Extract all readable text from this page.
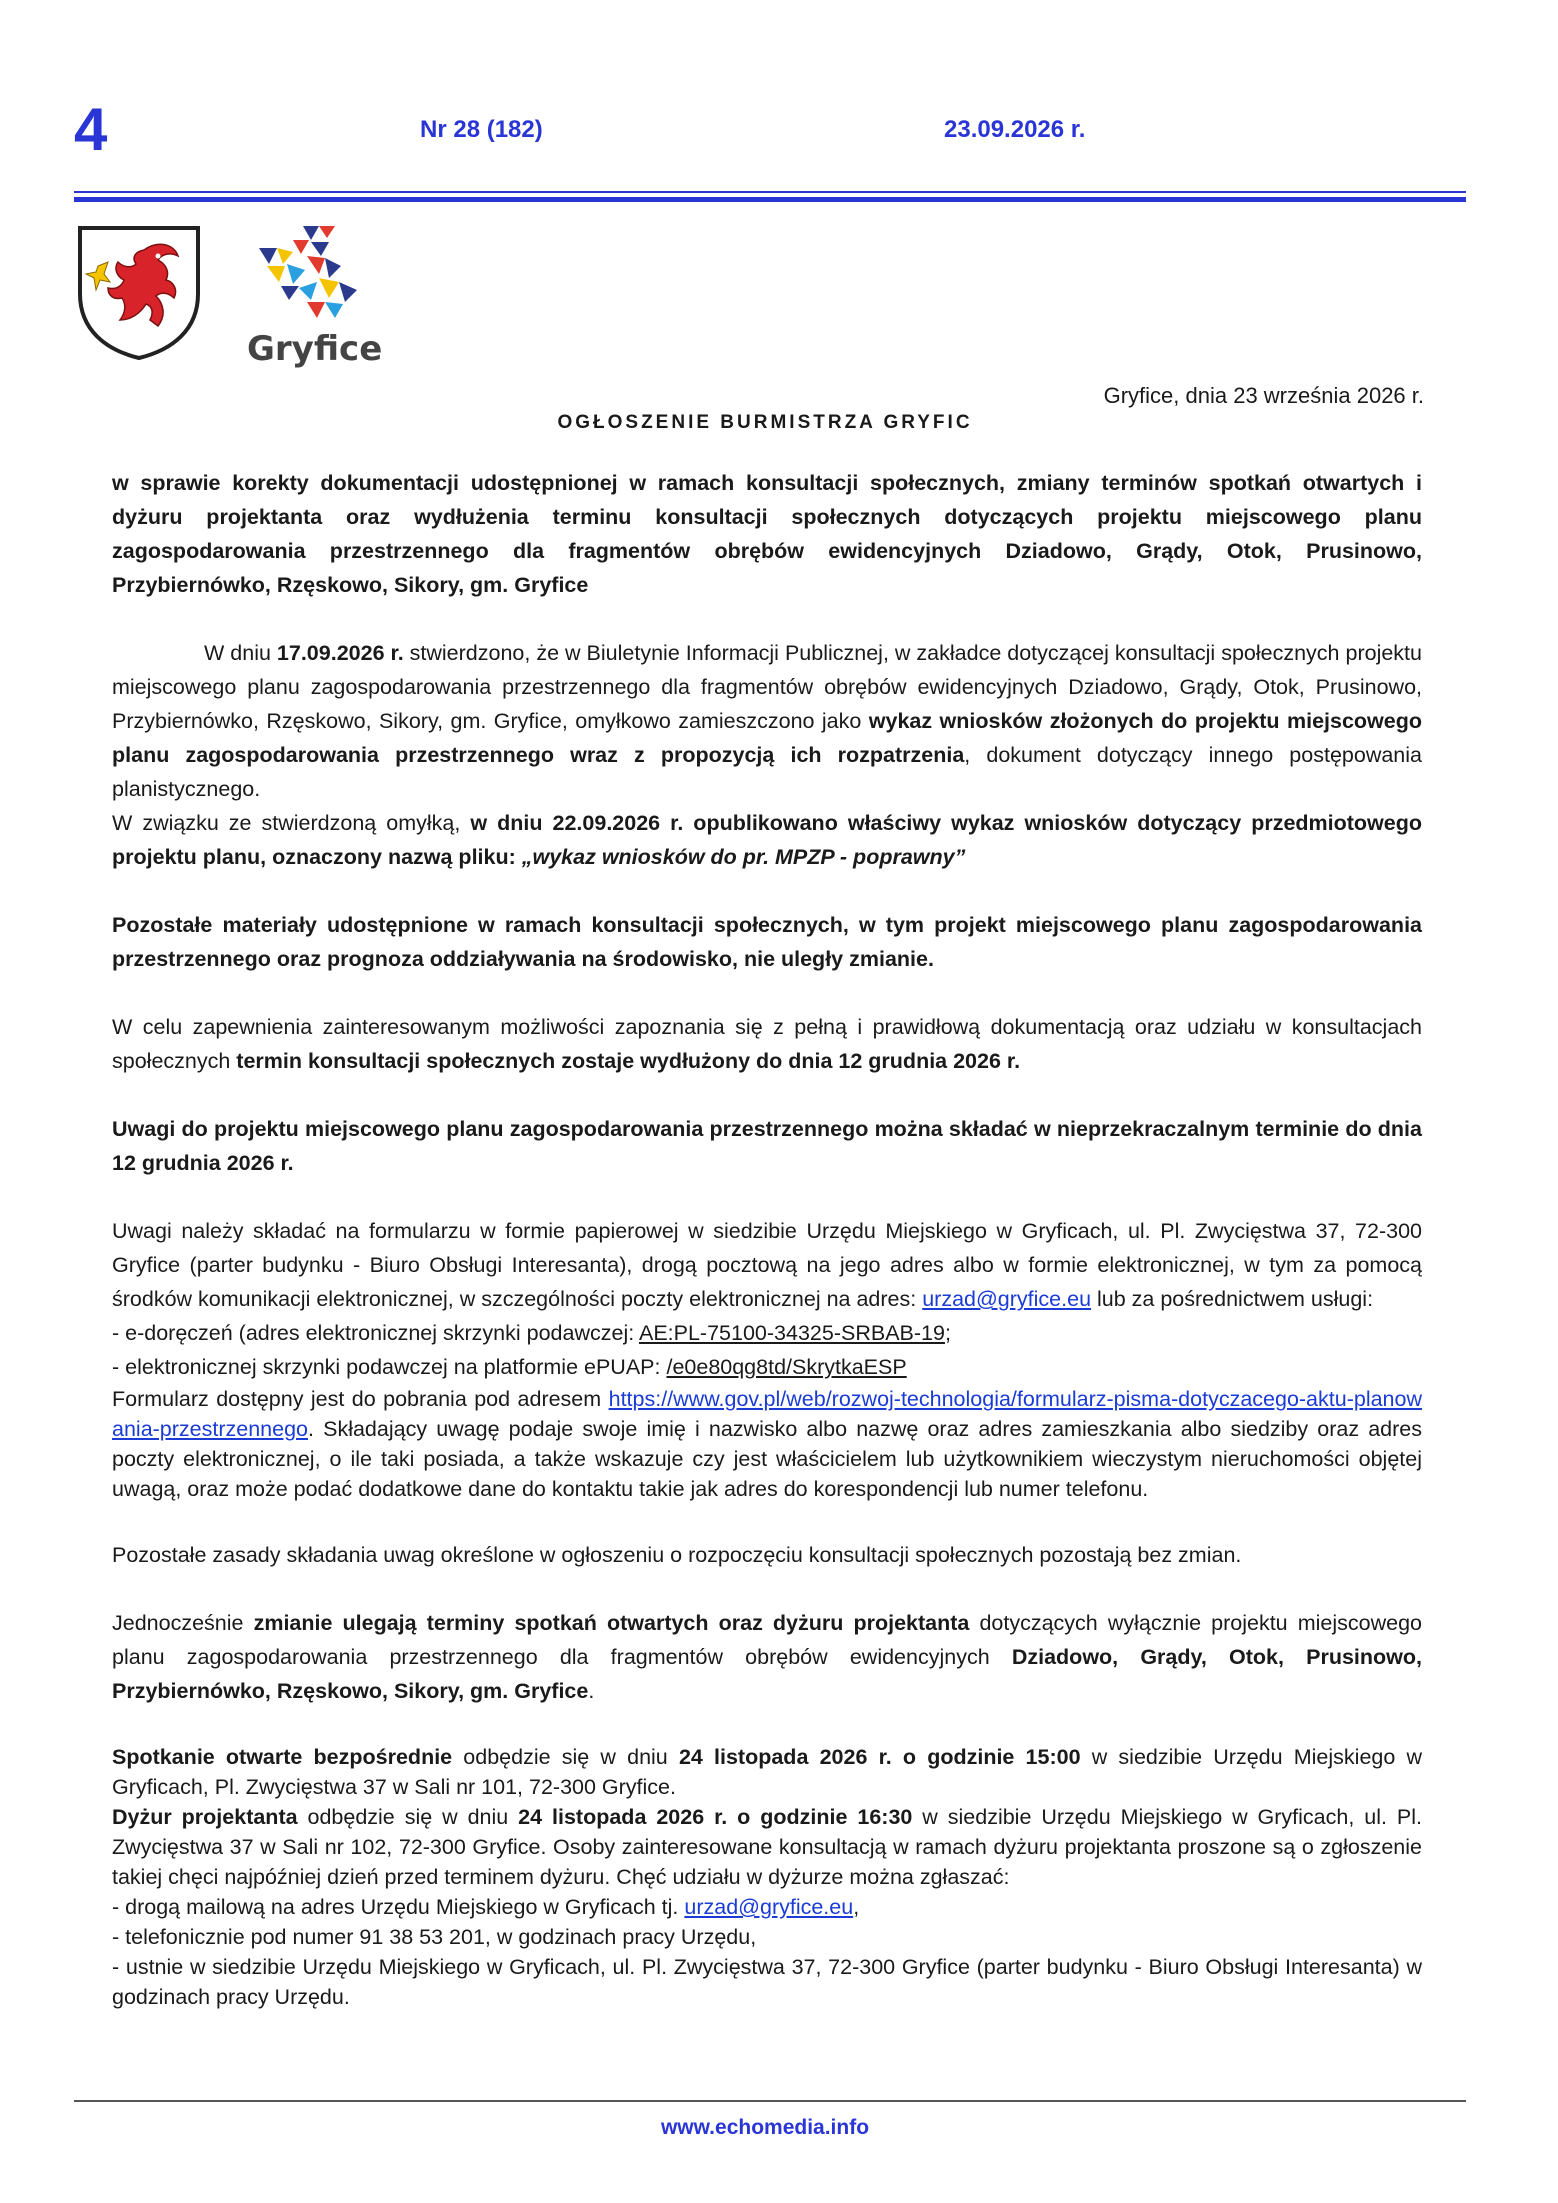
4	Nr 28 (182)	23.09.2026 r.
Gryfice
Gryfice, dnia 23 września 2026 r.
OGŁOSZENIE BURMISTRZA GRYFIC

w sprawie korekty dokumentacji udostępnionej w ramach konsultacji społecznych, zmiany terminów spotkań otwartych i dyżuru projektanta oraz wydłużenia terminu konsultacji społecznych dotyczących projektu miejscowego planu zagospodarowania przestrzennego dla fragmentów obrębów ewidencyjnych Dziadowo, Grądy, Otok, Prusinowo, Przybiernówko, Rzęskowo, Sikory, gm. Gryfice

W dniu 17.09.2026 r. stwierdzono, że w Biuletynie Informacji Publicznej, w zakładce dotyczącej konsultacji społecznych projektu miejscowego planu zagospodarowania przestrzennego dla fragmentów obrębów ewidencyjnych Dziadowo, Grądy, Otok, Prusinowo, Przybiernówko, Rzęskowo, Sikory, gm. Gryfice, omyłkowo zamieszczono jako wykaz wniosków złożonych do projektu miejscowego planu zagospodarowania przestrzennego wraz z propozycją ich rozpatrzenia, dokument dotyczący innego postępowania planistycznego.

W związku ze stwierdzoną omyłką, w dniu 22.09.2026 r. opublikowano właściwy wykaz wniosków dotyczący przedmiotowego projektu planu, oznaczony nazwą pliku: „wykaz wniosków do pr. MPZP - poprawny”

Pozostałe materiały udostępnione w ramach konsultacji społecznych, w tym projekt miejscowego planu zagospodarowania przestrzennego oraz prognoza oddziaływania na środowisko, nie uległy zmianie.

W celu zapewnienia zainteresowanym możliwości zapoznania się z pełną i prawidłową dokumentacją oraz udziału w konsultacjach społecznych termin konsultacji społecznych zostaje wydłużony do dnia 12 grudnia 2026 r.

Uwagi do projektu miejscowego planu zagospodarowania przestrzennego można składać w nieprzekraczalnym terminie do dnia 12 grudnia 2026 r.

Uwagi należy składać na formularzu w formie papierowej w siedzibie Urzędu Miejskiego w Gryficach, ul. Pl. Zwycięstwa 37, 72-300 Gryfice (parter budynku - Biuro Obsługi Interesanta), drogą pocztową na jego adres albo w formie elektronicznej, w tym za pomocą środków komunikacji elektronicznej, w szczególności poczty elektronicznej na adres: urzad@gryfice.eu lub za pośrednictwem usługi:

- e-doręczeń (adres elektronicznej skrzynki podawczej: AE:PL-75100-34325-SRBAB-19;

- elektronicznej skrzynki podawczej na platformie ePUAP: /e0e80qg8td/SkrytkaESP

Formularz dostępny jest do pobrania pod adresem https://www.gov.pl/web/rozwoj-technologia/formularz-pisma-dotyczacego-aktu-planowania-przestrzennego. Składający uwagę podaje swoje imię i nazwisko albo nazwę oraz adres zamieszkania albo siedziby oraz adres poczty elektronicznej, o ile taki posiada, a także wskazuje czy jest właścicielem lub użytkownikiem wieczystym nieruchomości objętej uwagą, oraz może podać dodatkowe dane do kontaktu takie jak adres do korespondencji lub numer telefonu.

Pozostałe zasady składania uwag określone w ogłoszeniu o rozpoczęciu konsultacji społecznych pozostają bez zmian.

Jednocześnie zmianie ulegają terminy spotkań otwartych oraz dyżuru projektanta dotyczących wyłącznie projektu miejscowego planu zagospodarowania przestrzennego dla fragmentów obrębów ewidencyjnych Dziadowo, Grądy, Otok, Prusinowo, Przybiernówko, Rzęskowo, Sikory, gm. Gryfice.

Spotkanie otwarte bezpośrednie odbędzie się w dniu 24 listopada 2026 r. o godzinie 15:00 w siedzibie Urzędu Miejskiego w Gryficach, Pl. Zwycięstwa 37 w Sali nr 101, 72-300 Gryfice.

Dyżur projektanta odbędzie się w dniu 24 listopada 2026 r. o godzinie 16:30 w siedzibie Urzędu Miejskiego w Gryficach, ul. Pl. Zwycięstwa 37 w Sali nr 102, 72-300 Gryfice. Osoby zainteresowane konsultacją w ramach dyżuru projektanta proszone są o zgłoszenie takiej chęci najpóźniej dzień przed terminem dyżuru. Chęć udziału w dyżurze można zgłaszać:

- drogą mailową na adres Urzędu Miejskiego w Gryficach tj. urzad@gryfice.eu,

- telefonicznie pod numer 91 38 53 201, w godzinach pracy Urzędu,

- ustnie w siedzibie Urzędu Miejskiego w Gryficach, ul. Pl. Zwycięstwa 37, 72-300 Gryfice (parter budynku - Biuro Obsługi Interesanta) w godzinach pracy Urzędu.

www.echomedia.info
